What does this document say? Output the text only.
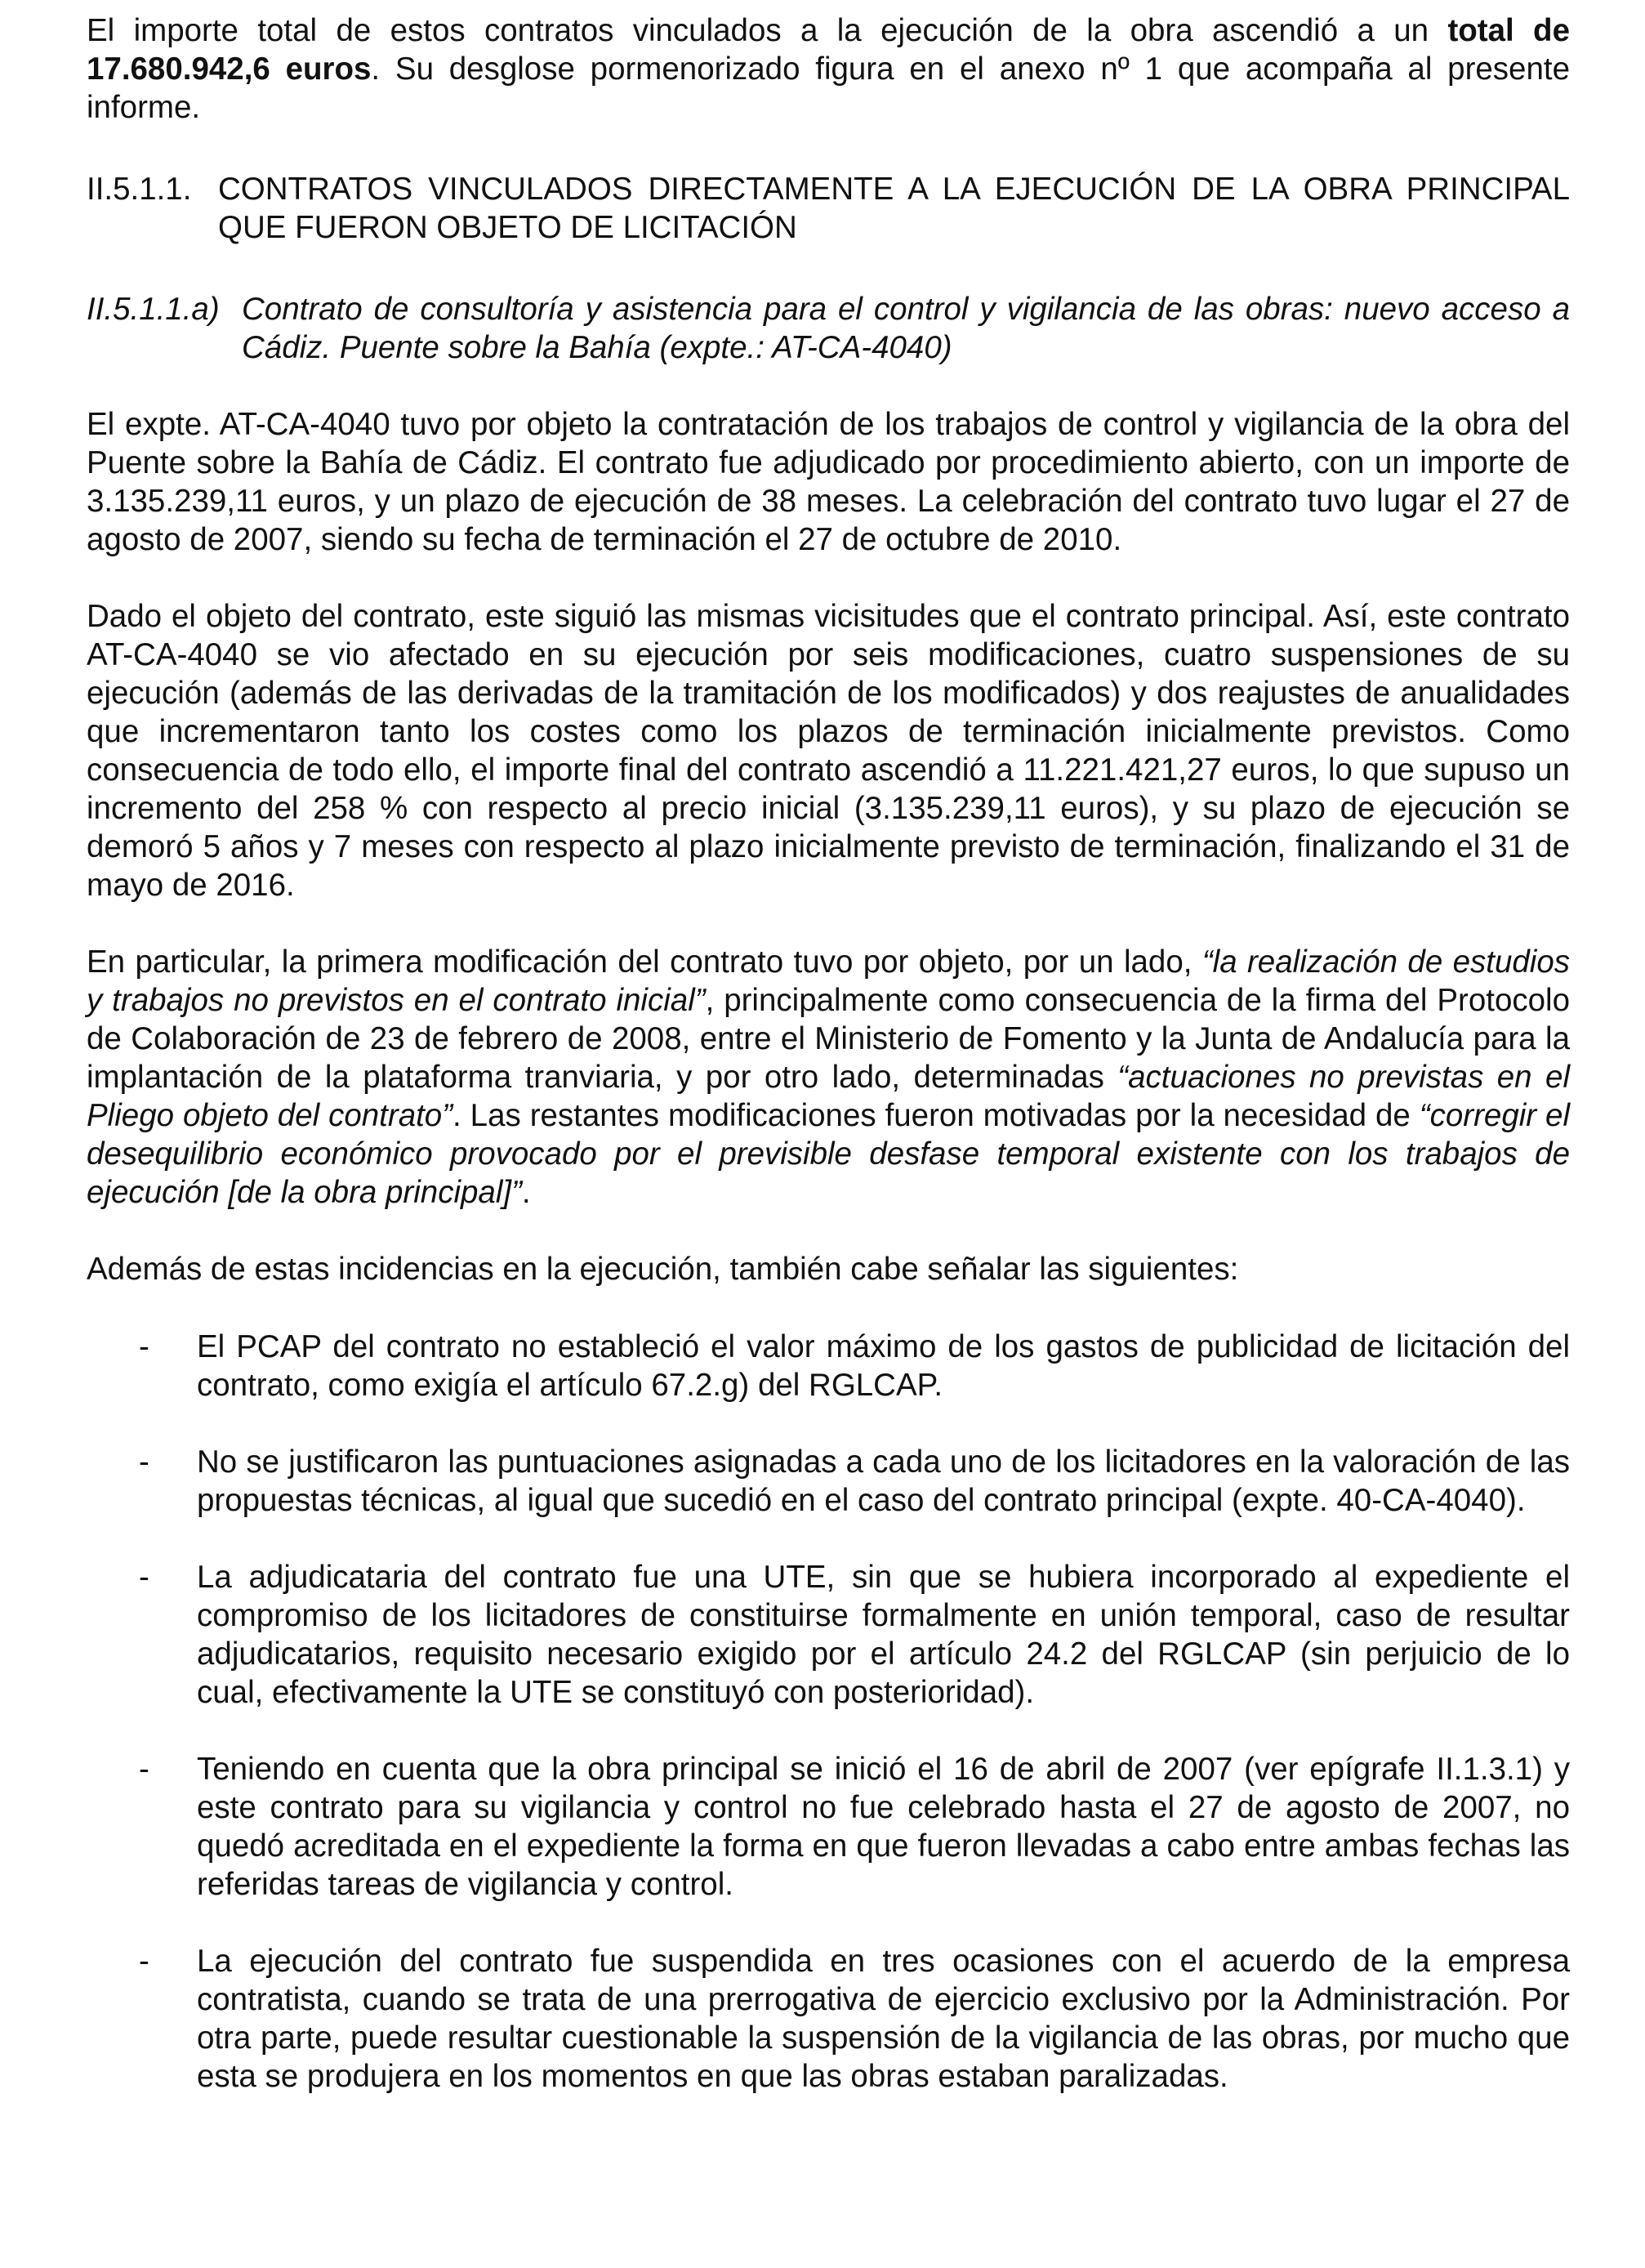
El importe total de estos contratos vinculados a la ejecución de la obra ascendió a un total de 17.680.942,6 euros. Su desglose pormenorizado figura en el anexo nº 1 que acompaña al presente informe.

II.5.1.1. CONTRATOS VINCULADOS DIRECTAMENTE A LA EJECUCIÓN DE LA OBRA PRINCIPAL QUE FUERON OBJETO DE LICITACIÓN
II.5.1.1.a) Contrato de consultoría y asistencia para el control y vigilancia de las obras: nuevo acceso a Cádiz. Puente sobre la Bahía (expte.: AT-CA-4040)

El expte. AT-CA-4040 tuvo por objeto la contratación de los trabajos de control y vigilancia de la obra del Puente sobre la Bahía de Cádiz. El contrato fue adjudicado por procedimiento abierto, con un importe de 3.135.239,11 euros, y un plazo de ejecución de 38 meses. La celebración del contrato tuvo lugar el 27 de agosto de 2007, siendo su fecha de terminación el 27 de octubre de 2010.

Dado el objeto del contrato, este siguió las mismas vicisitudes que el contrato principal. Así, este contrato AT-CA-4040 se vio afectado en su ejecución por seis modificaciones, cuatro suspensiones de su ejecución (además de las derivadas de la tramitación de los modificados) y dos reajustes de anualidades que incrementaron tanto los costes como los plazos de terminación inicialmente previstos. Como consecuencia de todo ello, el importe final del contrato ascendió a 11.221.421,27 euros, lo que supuso un incremento del 258 % con respecto al precio inicial (3.135.239,11 euros), y su plazo de ejecución se demoró 5 años y 7 meses con respecto al plazo inicialmente previsto de terminación, finalizando el 31 de mayo de 2016.

En particular, la primera modificación del contrato tuvo por objeto, por un lado, “la realización de estudios y trabajos no previstos en el contrato inicial”, principalmente como consecuencia de la firma del Protocolo de Colaboración de 23 de febrero de 2008, entre el Ministerio de Fomento y la Junta de Andalucía para la implantación de la plataforma tranviaria, y por otro lado, determinadas “actuaciones no previstas en el Pliego objeto del contrato”. Las restantes modificaciones fueron motivadas por la necesidad de “corregir el desequilibrio económico provocado por el previsible desfase temporal existente con los trabajos de ejecución [de la obra principal]”.

Además de estas incidencias en la ejecución, también cabe señalar las siguientes:

-	El PCAP del contrato no estableció el valor máximo de los gastos de publicidad de licitación del contrato, como exigía el artículo 67.2.g) del RGLCAP.
-	No se justificaron las puntuaciones asignadas a cada uno de los licitadores en la valoración de las propuestas técnicas, al igual que sucedió en el caso del contrato principal (expte. 40-CA-4040).
-	La adjudicataria del contrato fue una UTE, sin que se hubiera incorporado al expediente el compromiso de los licitadores de constituirse formalmente en unión temporal, caso de resultar adjudicatarios, requisito necesario exigido por el artículo 24.2 del RGLCAP (sin perjuicio de lo cual, efectivamente la UTE se constituyó con posterioridad).
-	Teniendo en cuenta que la obra principal se inició el 16 de abril de 2007 (ver epígrafe II.1.3.1) y este contrato para su vigilancia y control no fue celebrado hasta el 27 de agosto de 2007, no quedó acreditada en el expediente la forma en que fueron llevadas a cabo entre ambas fechas las referidas tareas de vigilancia y control.
-	La ejecución del contrato fue suspendida en tres ocasiones con el acuerdo de la empresa contratista, cuando se trata de una prerrogativa de ejercicio exclusivo por la Administración. Por otra parte, puede resultar cuestionable la suspensión de la vigilancia de las obras, por mucho que esta se produjera en los momentos en que las obras estaban paralizadas.
